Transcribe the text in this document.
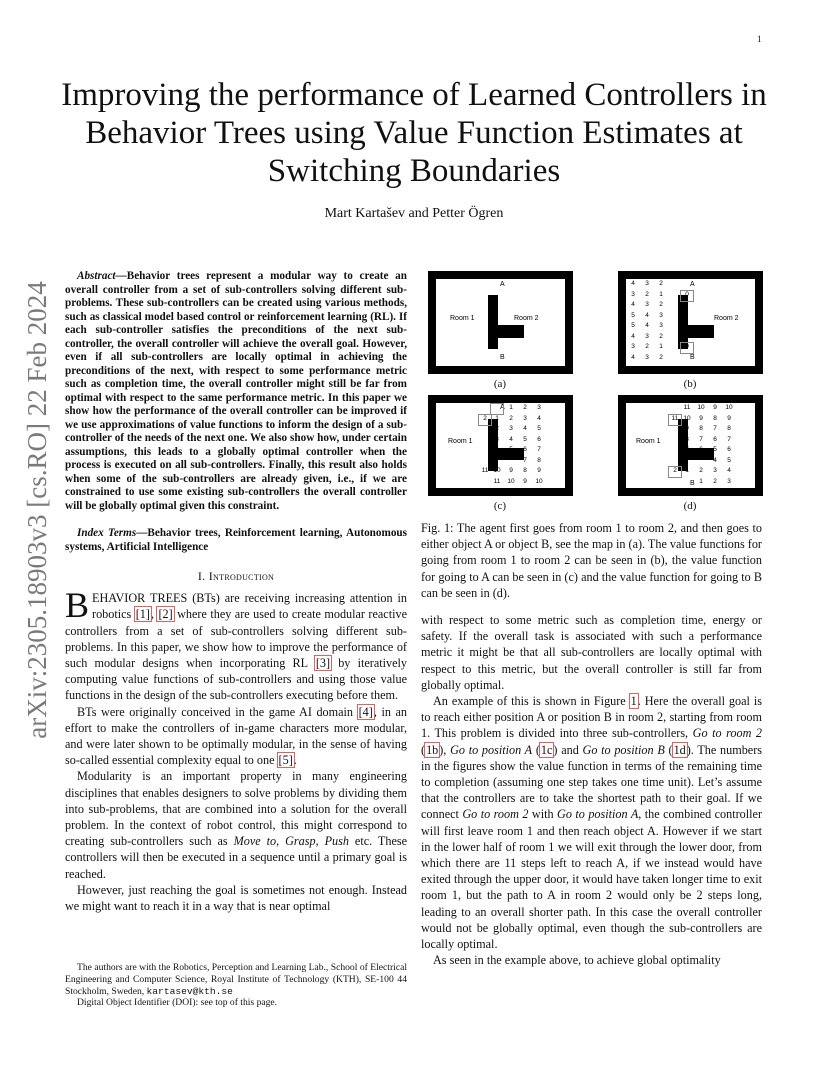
1
arXiv:2305.18903v3 [cs.RO] 22 Feb 2024
Improving the performance of Learned Controllers in Behavior Trees using Value Function Estimates at Switching Boundaries
Mart Kartašev and Petter Ögren

Abstract—Behavior trees represent a modular way to create an overall controller from a set of sub-controllers solving different sub-problems. These sub-controllers can be created using various methods, such as classical model based control or reinforcement learning (RL). If each sub-controller satisfies the preconditions of the next sub-controller, the overall controller will achieve the overall goal. However, even if all sub-controllers are locally optimal in achieving the preconditions of the next, with respect to some performance metric such as completion time, the overall controller might still be far from optimal with respect to the same performance metric. In this paper we show how the performance of the overall controller can be improved if we use approximations of value functions to inform the design of a sub-controller of the needs of the next one. We also show how, under certain assumptions, this leads to a globally optimal controller when the process is executed on all sub-controllers. Finally, this result also holds when some of the sub-controllers are already given, i.e., if we are constrained to use some existing sub-controllers the overall controller will be globally optimal given this constraint.

Index Terms—Behavior trees, Reinforcement learning, Autonomous systems, Artificial Intelligence

I. Introduction

BEHAVIOR TREES (BTs) are receiving increasing attention in robotics [1], [2] where they are used to create modular reactive controllers from a set of sub-controllers solving different sub-problems. In this paper, we show how to improve the performance of such modular designs when incorporating RL [3] by iteratively computing value functions of sub-controllers and using those value functions in the design of the sub-controllers executing before them.

BTs were originally conceived in the game AI domain [4], in an effort to make the controllers of in-game characters more modular, and were later shown to be optimally modular, in the sense of having so-called essential complexity equal to one [5].

Modularity is an important property in many engineering disciplines that enables designers to solve problems by dividing them into sub-problems, that are combined into a solution for the overall problem. In the context of robot control, this might correspond to creating sub-controllers such as Move to, Grasp, Push etc. These controllers will then be executed in a sequence until a primary goal is reached.

However, just reaching the goal is sometimes not enough. Instead we might want to reach it in a way that is near optimal

The authors are with the Robotics, Perception and Learning Lab., School of Electrical Engineering and Computer Science, Royal Institute of Technology (KTH), SE-100 44 Stockholm, Sweden, kartasev@kth.se

Digital Object Identifier (DOI): see top of this page.

Room 1	Room 2
A
B
(a)
Room 2
A
B
4	3	2
3	2	1	0
4	3	2
5	4	3
5	4	3
4	3	2
3	2	1	0
4	3	2
(b)
Room 1
A 1	2	3
2	1	2	3	4
2	3	4	5
3	4	5	6
4	5	6	7
7	8
11 10	9	8	9
11	10	9	10
(c)
Room 1
B
11	10	9	10
11 10	9	8	9
9	8	7	8
8	7	6	7
7	6	5	6
4	5
2	1	2	3	4
1	2	3
(d)
Fig. 1: The agent first goes from room 1 to room 2, and then goes to either object A or object B, see the map in (a). The value functions for going from room 1 to room 2 can be seen in (b), the value function for going to A can be seen in (c) and the value function for going to B can be seen in (d).

with respect to some metric such as completion time, energy or safety. If the overall task is associated with such a performance metric it might be that all sub-controllers are locally optimal with respect to this metric, but the overall controller is still far from globally optimal.

An example of this is shown in Figure 1. Here the overall goal is to reach either position A or position B in room 2, starting from room 1. This problem is divided into three sub-controllers, Go to room 2 (1b), Go to position A (1c) and Go to position B (1d). The numbers in the figures show the value function in terms of the remaining time to completion (assuming one step takes one time unit). Let’s assume that the controllers are to take the shortest path to their goal. If we connect Go to room 2 with Go to position A, the combined controller will first leave room 1 and then reach object A. However if we start in the lower half of room 1 we will exit through the lower door, from which there are 11 steps left to reach A, if we instead would have exited through the upper door, it would have taken longer time to exit room 1, but the path to A in room 2 would only be 2 steps long, leading to an overall shorter path. In this case the overall controller would not be globally optimal, even though the sub-controllers are locally optimal.

As seen in the example above, to achieve global optimality
